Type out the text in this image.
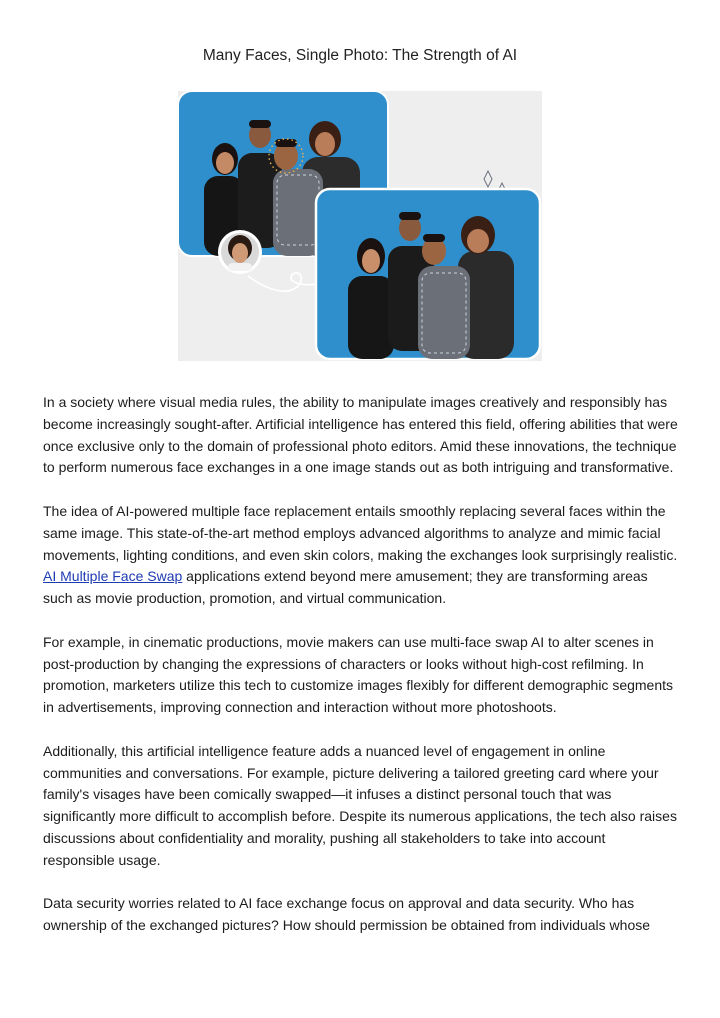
Many Faces, Single Photo: The Strength of AI

In a society where visual media rules, the ability to manipulate images creatively and responsibly has become increasingly sought-after. Artificial intelligence has entered this field, offering abilities that were once exclusive only to the domain of professional photo editors. Amid these innovations, the technique to perform numerous face exchanges in a one image stands out as both intriguing and transformative.

The idea of AI-powered multiple face replacement entails smoothly replacing several faces within the same image. This state-of-the-art method employs advanced algorithms to analyze and mimic facial movements, lighting conditions, and even skin colors, making the exchanges look surprisingly realistic. AI Multiple Face Swap applications extend beyond mere amusement; they are transforming areas such as movie production, promotion, and virtual communication.

For example, in cinematic productions, movie makers can use multi-face swap AI to alter scenes in post-production by changing the expressions of characters or looks without high-cost refilming. In promotion, marketers utilize this tech to customize images flexibly for different demographic segments in advertisements, improving connection and interaction without more photoshoots.

Additionally, this artificial intelligence feature adds a nuanced level of engagement in online communities and conversations. For example, picture delivering a tailored greeting card where your family's visages have been comically swapped—it infuses a distinct personal touch that was significantly more difficult to accomplish before. Despite its numerous applications, the tech also raises discussions about confidentiality and morality, pushing all stakeholders to take into account responsible usage.

Data security worries related to AI face exchange focus on approval and data security. Who has ownership of the exchanged pictures? How should permission be obtained from individuals whose
